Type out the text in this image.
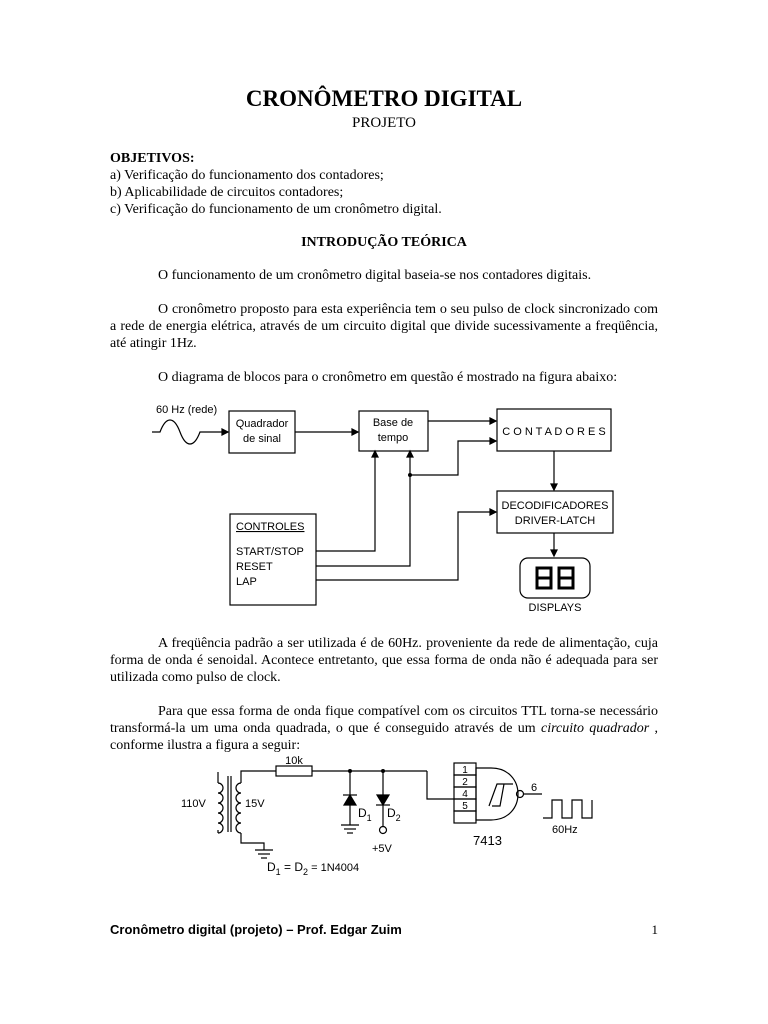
CRONÔMETRO DIGITAL
PROJETO
OBJETIVOS:
a) Verificação do funcionamento dos contadores;
b) Aplicabilidade de circuitos contadores;
c) Verificação do funcionamento de um cronômetro digital.
INTRODUÇÃO TEÓRICA

O funcionamento de um cronômetro digital baseia-se nos contadores digitais.

O cronômetro proposto para esta experiência tem o seu pulso de clock sincronizado com a rede de energia elétrica, através de um circuito digital que divide sucessivamente a freqüência, até atingir 1Hz.

O diagrama de blocos para o cronômetro em questão é mostrado na figura abaixo:

60 Hz (rede)
Quadrador
de sinal
Base de
tempo	C O N T A D O R E S
DECODIFICADORES
DRIVER-LATCH
CONTROLES
START/STOP
RESET
LAP
DISPLAYS

A freqüência padrão a ser utilizada é de 60Hz. proveniente da rede de alimentação, cuja forma de onda é senoidal. Acontece entretanto, que essa forma de onda não é adequada para ser utilizada como pulso de clock.

Para que essa forma de onda fique compatível com os circuitos TTL torna-se necessário transformá-la um uma onda quadrada, o que é conseguido através de um circuito quadrador , conforme ilustra a figura a seguir:

10k
110V	15V
$D_1$ $D_2$
+5V
1
2
4
5
6
7413
60Hz
$D_1 = D_2 = 1N4004$
Cronômetro digital (projeto) – Prof. Edgar Zuim	1
